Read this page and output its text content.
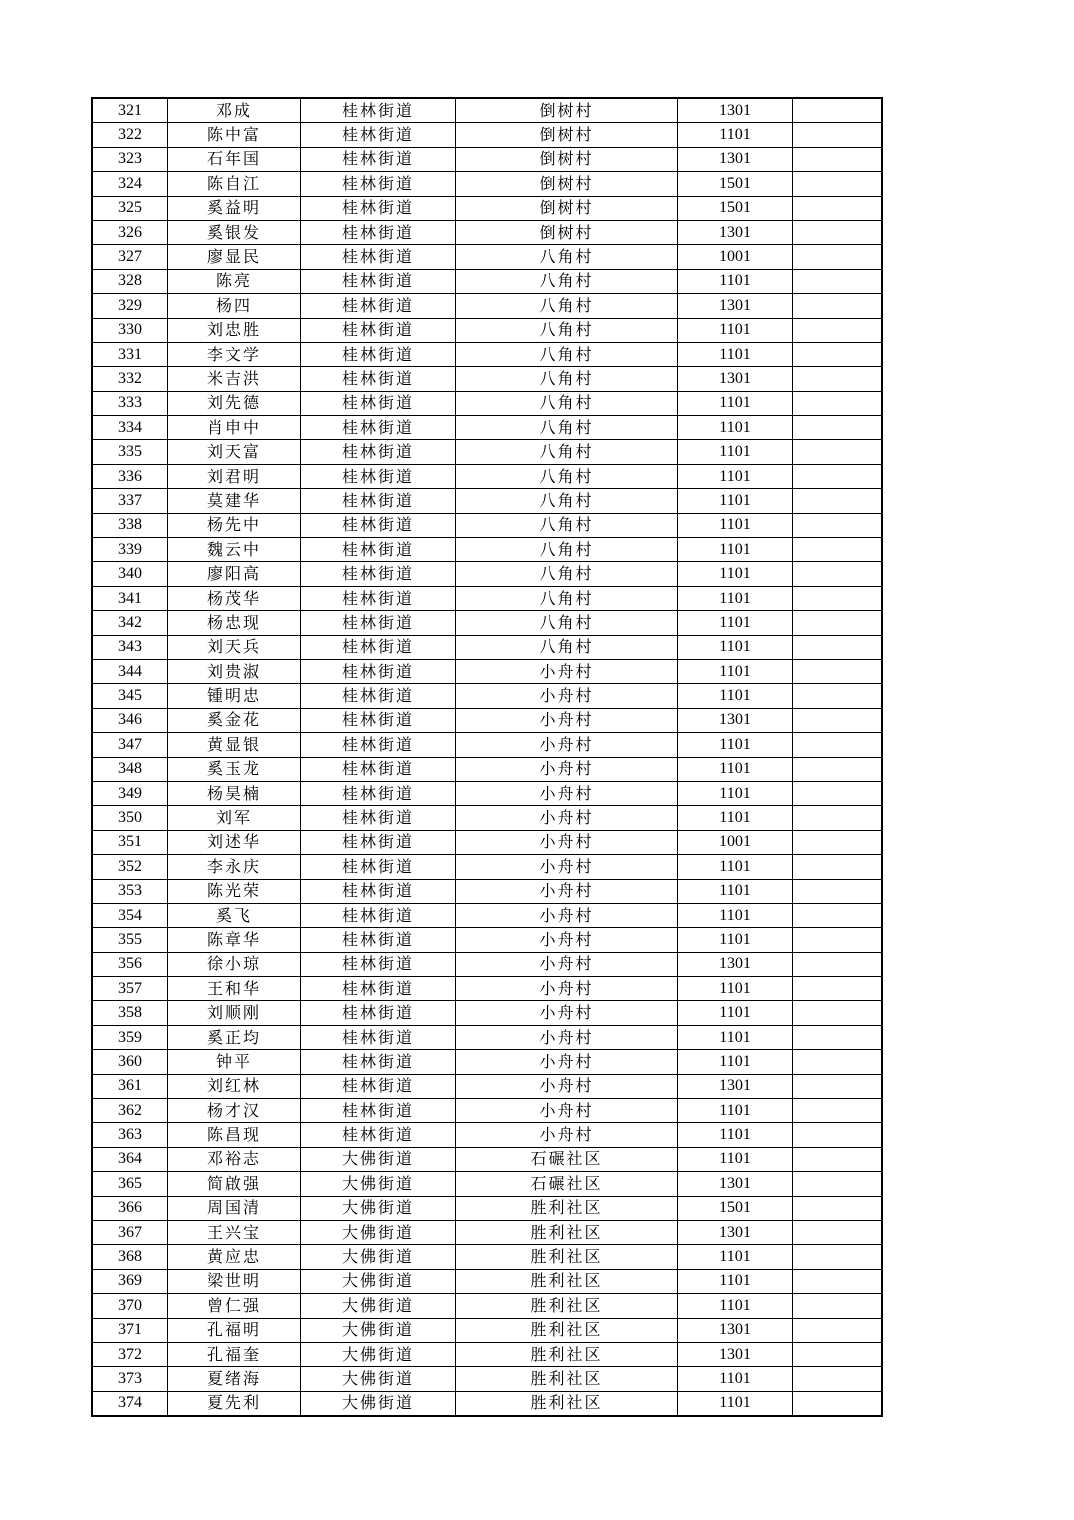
321	邓成	桂林街道	倒树村	1301	
322	陈中富	桂林街道	倒树村	1101	
323	石年国	桂林街道	倒树村	1301	
324	陈自江	桂林街道	倒树村	1501	
325	奚益明	桂林街道	倒树村	1501	
326	奚银发	桂林街道	倒树村	1301	
327	廖显民	桂林街道	八角村	1001	
328	陈亮	桂林街道	八角村	1101	
329	杨四	桂林街道	八角村	1301	
330	刘忠胜	桂林街道	八角村	1101	
331	李文学	桂林街道	八角村	1101	
332	米吉洪	桂林街道	八角村	1301	
333	刘先德	桂林街道	八角村	1101	
334	肖申中	桂林街道	八角村	1101	
335	刘天富	桂林街道	八角村	1101	
336	刘君明	桂林街道	八角村	1101	
337	莫建华	桂林街道	八角村	1101	
338	杨先中	桂林街道	八角村	1101	
339	魏云中	桂林街道	八角村	1101	
340	廖阳高	桂林街道	八角村	1101	
341	杨茂华	桂林街道	八角村	1101	
342	杨忠现	桂林街道	八角村	1101	
343	刘天兵	桂林街道	八角村	1101	
344	刘贵淑	桂林街道	小舟村	1101	
345	锺明忠	桂林街道	小舟村	1101	
346	奚金花	桂林街道	小舟村	1301	
347	黄显银	桂林街道	小舟村	1101	
348	奚玉龙	桂林街道	小舟村	1101	
349	杨昊楠	桂林街道	小舟村	1101	
350	刘军	桂林街道	小舟村	1101	
351	刘述华	桂林街道	小舟村	1001	
352	李永庆	桂林街道	小舟村	1101	
353	陈光荣	桂林街道	小舟村	1101	
354	奚飞	桂林街道	小舟村	1101	
355	陈章华	桂林街道	小舟村	1101	
356	徐小琼	桂林街道	小舟村	1301	
357	王和华	桂林街道	小舟村	1101	
358	刘顺刚	桂林街道	小舟村	1101	
359	奚正均	桂林街道	小舟村	1101	
360	钟平	桂林街道	小舟村	1101	
361	刘红林	桂林街道	小舟村	1301	
362	杨才汉	桂林街道	小舟村	1101	
363	陈昌现	桂林街道	小舟村	1101	
364	邓裕志	大佛街道	石碾社区	1101	
365	简啟强	大佛街道	石碾社区	1301	
366	周国清	大佛街道	胜利社区	1501	
367	王兴宝	大佛街道	胜利社区	1301	
368	黄应忠	大佛街道	胜利社区	1101	
369	梁世明	大佛街道	胜利社区	1101	
370	曾仁强	大佛街道	胜利社区	1101	
371	孔福明	大佛街道	胜利社区	1301	
372	孔福奎	大佛街道	胜利社区	1301	
373	夏绪海	大佛街道	胜利社区	1101	
374	夏先利	大佛街道	胜利社区	1101	
